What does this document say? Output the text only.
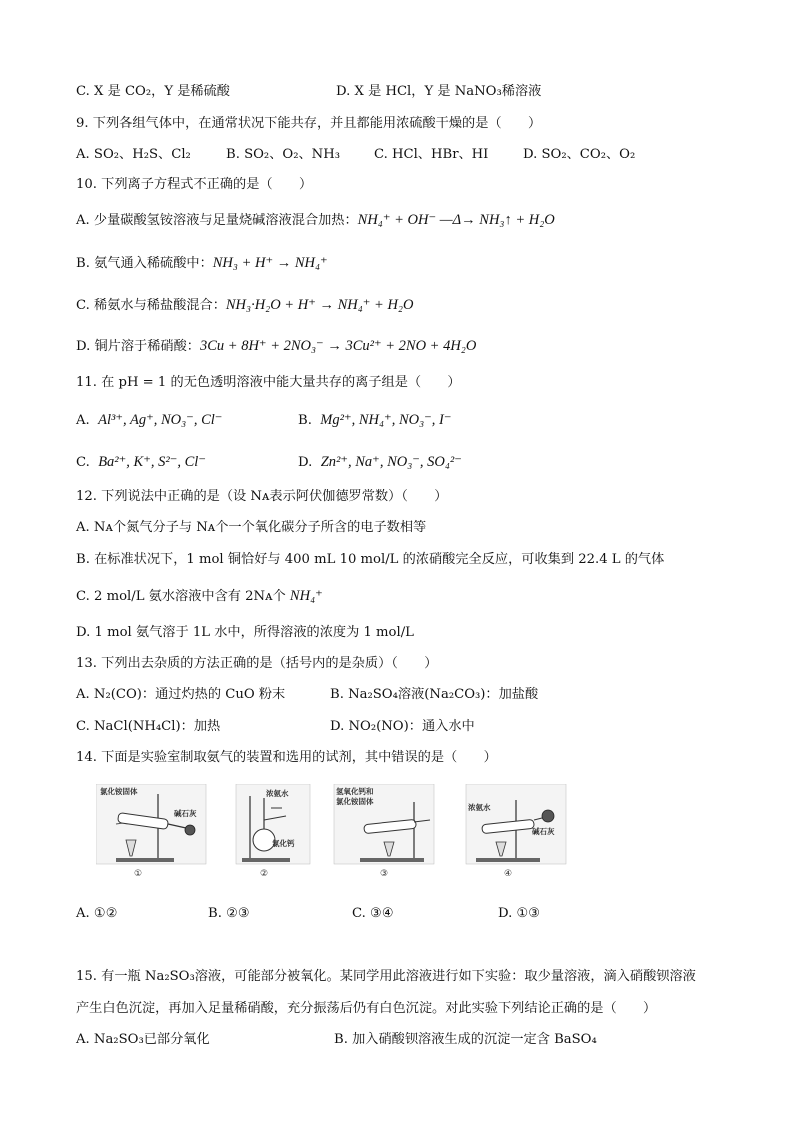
C. X 是 CO₂，Y 是稀硫酸	D. X 是 HCl，Y 是 NaNO₃稀溶液
9. 下列各组气体中，在通常状况下能共存，并且都能用浓硫酸干燥的是（　　）
A. SO₂、H₂S、Cl₂	B. SO₂、O₂、NH₃	C. HCl、HBr、HI	D. SO₂、CO₂、O₂
10. 下列离子方程式不正确的是（　　）
A. 少量碳酸氢铵溶液与足量烧碱溶液混合加热：NH₄⁺ + OH⁻ —Δ→ NH₃↑ + H₂O
B. 氨气通入稀硫酸中：NH₃ + H⁺ → NH₄⁺
C. 稀氨水与稀盐酸混合：NH₃·H₂O + H⁺ → NH₄⁺ + H₂O
D. 铜片溶于稀硝酸：3Cu + 8H⁺ + 2NO₃⁻ → 3Cu²⁺ + 2NO + 4H₂O
11. 在 pH = 1 的无色透明溶液中能大量共存的离子组是（　　）
A. Al³⁺, Ag⁺, NO₃⁻, Cl⁻	B. Mg²⁺, NH₄⁺, NO₃⁻, I⁻
C. Ba²⁺, K⁺, S²⁻, Cl⁻	D. Zn²⁺, Na⁺, NO₃⁻, SO₄²⁻
12. 下列说法中正确的是（设 Nᴀ表示阿伏伽德罗常数）（　　）
A. Nᴀ个氮气分子与 Nᴀ个一个氧化碳分子所含的电子数相等
B. 在标准状况下，1 mol 铜恰好与 400 mL 10 mol/L 的浓硝酸完全反应，可收集到 22.4 L 的气体
C. 2 mol/L 氨水溶液中含有 2Nᴀ个 NH₄⁺
D. 1 mol 氨气溶于 1L 水中，所得溶液的浓度为 1 mol/L
13. 下列出去杂质的方法正确的是（括号内的是杂质）（　　）
A. N₂(CO)：通过灼热的 CuO 粉末	B. Na₂SO₄溶液(Na₂CO₃)：加盐酸
C. NaCl(NH₄Cl)：加热	D. NO₂(NO)：通入水中
14. 下面是实验室制取氨气的装置和选用的试剂，其中错误的是（　　）
氯化铵固体
碱石灰
①
浓氨水
氯化钙
②
氢氧化钙和
氯化铵固体
③
浓氨水
碱石灰
④
A. ①②	B. ②③	C. ③④	D. ①③
15. 有一瓶 Na₂SO₃溶液，可能部分被氧化。某同学用此溶液进行如下实验：取少量溶液，滴入硝酸钡溶液
产生白色沉淀，再加入足量稀硝酸，充分振荡后仍有白色沉淀。对此实验下列结论正确的是（　　）
A. Na₂SO₃已部分氧化	B. 加入硝酸钡溶液生成的沉淀一定含 BaSO₄
